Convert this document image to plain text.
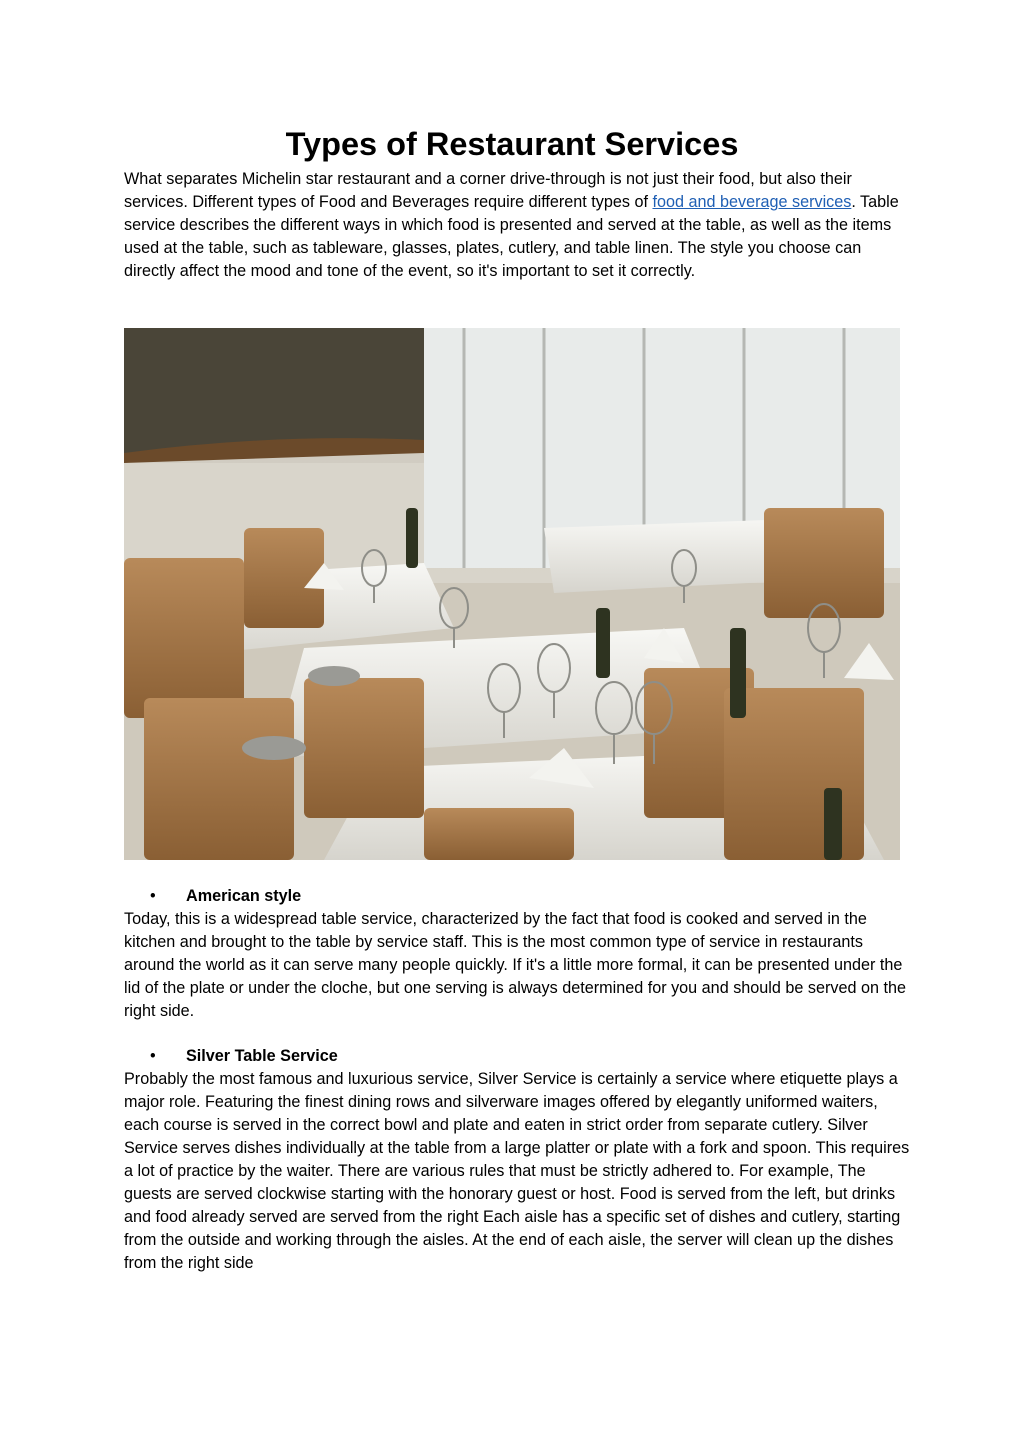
Types of Restaurant Services

What separates Michelin star restaurant and a corner drive-through is not just their food, but also their services. Different types of Food and Beverages require different types of food and beverage services. Table service describes the different ways in which food is presented and served at the table, as well as the items used at the table, such as tableware, glasses, plates, cutlery, and table linen. The style you choose can directly affect the mood and tone of the event, so it's important to set it correctly.

• American style

Today, this is a widespread table service, characterized by the fact that food is cooked and served in the kitchen and brought to the table by service staff. This is the most common type of service in restaurants around the world as it can serve many people quickly. If it's a little more formal, it can be presented under the lid of the plate or under the cloche, but one serving is always determined for you and should be served on the right side.

• Silver Table Service

Probably the most famous and luxurious service, Silver Service is certainly a service where etiquette plays a major role. Featuring the finest dining rows and silverware images offered by elegantly uniformed waiters, each course is served in the correct bowl and plate and eaten in strict order from separate cutlery. Silver Service serves dishes individually at the table from a large platter or plate with a fork and spoon. This requires a lot of practice by the waiter. There are various rules that must be strictly adhered to. For example, The
guests are served clockwise starting with the honorary guest or host. Food is served from the left, but drinks and food already served are served from the right Each aisle has a specific set of dishes and cutlery, starting from the outside and working through the aisles. At the end of each aisle, the server will clean up the dishes from the right side
